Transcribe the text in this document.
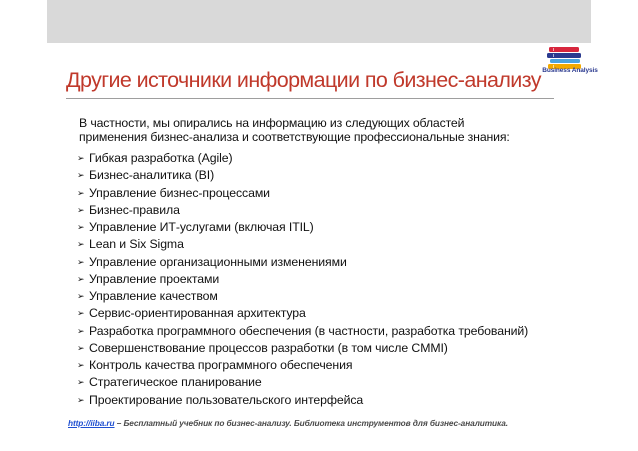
Business Analysis
Другие источники информации по бизнес-анализу
В частности, мы опирались на информацию из следующих областей
применения бизнес-анализа и соответствующие профессиональные знания:
➢ Гибкая разработка (Agile)
➢ Бизнес-аналитика (BI)
➢ Управление бизнес-процессами
➢ Бизнес-правила
➢ Управление ИТ-услугами (включая ITIL)
➢ Lean и Six Sigma
➢ Управление организационными изменениями
➢ Управление проектами
➢ Управление качеством
➢ Сервис-ориентированная архитектура
➢ Разработка программного обеспечения (в частности, разработка требований)
➢ Совершенствование процессов разработки (в том числе CMMI)
➢ Контроль качества программного обеспечения
➢ Стратегическое планирование
➢ Проектирование пользовательского интерфейса
http://iiba.ru – Бесплатный учебник по бизнес-анализу. Библиотека инструментов для бизнес-аналитика.
